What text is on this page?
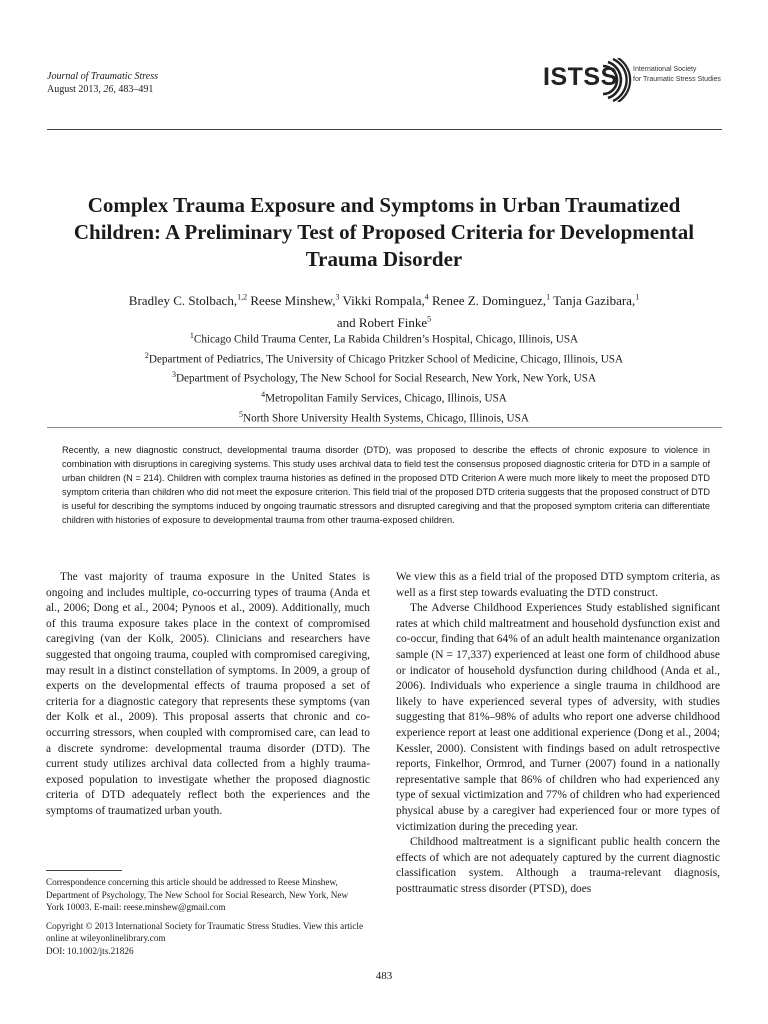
Journal of Traumatic Stress
August 2013, 26, 483–491	ISTSS International Society
for Traumatic Stress Studies
Complex Trauma Exposure and Symptoms in Urban Traumatized Children: A Preliminary Test of Proposed Criteria for Developmental Trauma Disorder
Bradley C. Stolbach,$^{1,2}$ Reese Minshew,$^3$ Vikki Rompala,$^4$ Renee Z. Dominguez,$^1$ Tanja Gazibara,$^1$
and Robert Finke$^5$
$^1$Chicago Child Trauma Center, La Rabida Children’s Hospital, Chicago, Illinois, USA
$^2$Department of Pediatrics, The University of Chicago Pritzker School of Medicine, Chicago, Illinois, USA
$^3$Department of Psychology, The New School for Social Research, New York, New York, USA
$^4$Metropolitan Family Services, Chicago, Illinois, USA
$^5$North Shore University Health Systems, Chicago, Illinois, USA
Recently, a new diagnostic construct, developmental trauma disorder (DTD), was proposed to describe the effects of chronic exposure to violence in combination with disruptions in caregiving systems. This study uses archival data to field test the consensus proposed diagnostic criteria for DTD in a sample of urban children (N = 214). Children with complex trauma histories as defined in the proposed DTD Criterion A were much more likely to meet the proposed DTD symptom criteria than children who did not meet the exposure criterion. This field trial of the proposed DTD criteria suggests that the proposed construct of DTD is useful for describing the symptoms induced by ongoing traumatic stressors and disrupted caregiving and that the proposed symptom criteria can differentiate children with histories of exposure to developmental trauma from other trauma-exposed children.

The vast majority of trauma exposure in the United States is ongoing and includes multiple, co-occurring types of trauma (Anda et al., 2006; Dong et al., 2004; Pynoos et al., 2009). Additionally, much of this trauma exposure takes place in the context of compromised caregiving (van der Kolk, 2005). Clinicians and researchers have suggested that ongoing trauma, coupled with compromised caregiving, may result in a distinct constellation of symptoms. In 2009, a group of experts on the developmental effects of trauma proposed a set of criteria for a diagnostic category that represents these symptoms (van der Kolk et al., 2009). This proposal asserts that chronic and co-occurring stressors, when coupled with compromised care, can lead to a discrete syndrome: developmental trauma disorder (DTD). The current study utilizes archival data collected from a highly trauma-exposed population to investigate whether the proposed diagnostic criteria of DTD adequately reflect both the experiences and the symptoms of traumatized urban youth.

We view this as a field trial of the proposed DTD symptom criteria, as well as a first step towards evaluating the DTD construct.

The Adverse Childhood Experiences Study established significant rates at which child maltreatment and household dysfunction exist and co-occur, finding that 64% of an adult health maintenance organization sample (N = 17,337) experienced at least one form of childhood abuse or indicator of household dysfunction during childhood (Anda et al., 2006). Individuals who experience a single trauma in childhood are likely to have experienced several types of adversity, with studies suggesting that 81%–98% of adults who report one adverse childhood experience report at least one additional experience (Dong et al., 2004; Kessler, 2000). Consistent with findings based on adult retrospective reports, Finkelhor, Ormrod, and Turner (2007) found in a nationally representative sample that 86% of children who had experienced any type of sexual victimization and 77% of children who had experienced physical abuse by a caregiver had experienced four or more types of victimization during the preceding year.

Childhood maltreatment is a significant public health concern the effects of which are not adequately captured by the current diagnostic classification system. Although a trauma-relevant diagnosis, posttraumatic stress disorder (PTSD), does

Correspondence concerning this article should be addressed to Reese Minshew, Department of Psychology, The New School for Social Research, New York, New York 10003. E-mail: reese.minshew@gmail.com

Copyright © 2013 International Society for Traumatic Stress Studies. View this article online at wileyonlinelibrary.com

DOI: 10.1002/jts.21826

483
